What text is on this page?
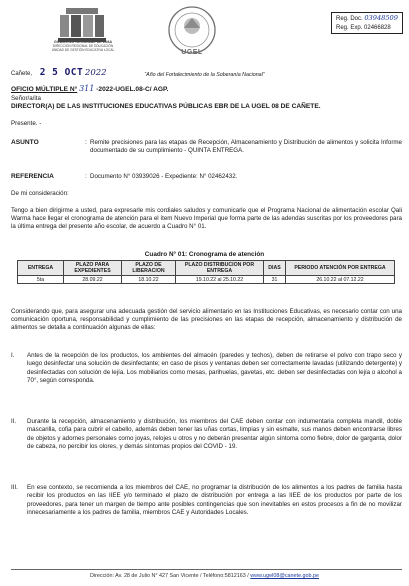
GOBIERNO REGIONAL DE LIMA
DIRECCIÓN REGIONAL DE EDUCACIÓN
UNIDAD DE GESTIÓN EDUCATIVA LOCAL	UGEL
Reg. Doc. 03948509
Reg. Exp. 02466828
“Año del Fortalecimiento de la Soberanía Nacional”
Cañete, 2 5 OCT 2022
OFICIO MÚLTIPLE N° 311 -2022-UGEL.08-C/ AGP.
Señor/a/ita
DIRECTOR(A) DE LAS INSTITUCIONES EDUCATIVAS PÚBLICAS EBR DE LA UGEL 08 DE CAÑETE.
Presente. -
ASUNTO	: Remite precisiones para las etapas de Recepción, Almacenamiento y Distribución de alimentos y solicita Informe documentado de su cumplimiento - QUINTA ENTREGA.
REFERENCIA	: Documento N° 03939026 - Expediente: N° 02462432.
De mi consideración:
Tengo a bien dirigirme a usted, para expresarle mis cordiales saludos y comunicarle que el Programa Nacional de alimentación escolar Qali Warma hace llegar el cronograma de atención para el ítem Nuevo Imperial que forma parte de las adendas suscritas por los proveedores para la última entrega del presente año escolar, de acuerdo a Cuadro N° 01.
Cuadro N° 01: Cronograma de atención
ENTREGA	PLAZO PARA EXPEDIENTES	PLAZO DE LIBERACION	PLAZO DISTRIBUCION POR ENTREGA	DIAS	PERIODO ATENCIÓN POR ENTREGA
5ta	28.09.22	18.10.22	19.10.22 al 25.10.22	31	26.10.22 al 07.12.22
Considerando que, para asegurar una adecuada gestión del servicio alimentario en las Instituciones Educativas, es necesario contar con una comunicación oportuna, responsabilidad y cumplimiento de las precisiones en las etapas de recepción, almacenamiento y distribución de alimentos se detalla a continuación algunas de ellas:
I. Antes de la recepción de los productos, los ambientes del almacén (paredes y techos), deben de retirarse el polvo con trapo seco y luego desinfectar una solución de desinfectante; en caso de pisos y ventanas deben ser correctamente lavadas (utilizando detergente) y desinfectadas con solución de lejía. Los mobiliarios como mesas, parihuelas, gavetas, etc. deben ser desinfectadas con lejía o alcohol a 70°, según corresponda.
II. Durante la recepción, almacenamiento y distribución, los miembros del CAE deben contar con indumentaria completa mandil, doble mascarilla, cofia para cubrir el cabello, además deben tener las uñas cortas, limpias y sin esmalte, sus manos deben encontrarse libres de objetos y adornes personales como joyas, relojes u otros y no deberán presentar algún síntoma como fiebre, dolor de garganta, dolor de cabeza, no percibir los olores, y demás síntomas propios del COVID - 19.
III. En ese contexto, se recomienda a los miembros del CAE, no programar la distribución de los alimentos a los padres de familia hasta recibir los productos en las IIEE y/o terminado el plazo de distribución por entrega a las IIEE de los productos por parte de los proveedores, para tener un margen de tiempo ante posibles contingencias que son inevitables en estos procesos a fin de no movilizar innecesariamente a los padres de familia, miembros CAE y Autoridades Locales.
Dirección: Av. 28 de Julio N° 427 San Vicente / Teléfono:5812163 / www.ugel08@canete.gob.pe
